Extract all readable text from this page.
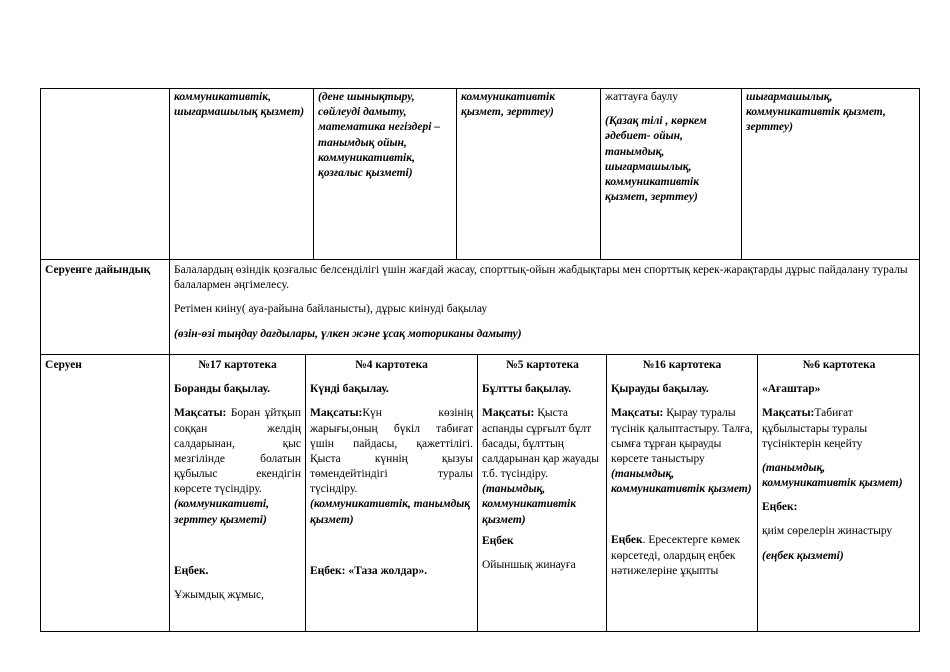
коммуникативтік, шығармашылық қызмет)

(дене шынықтыру, сөйлеуді дамыту, математика негіздері – танымдық ойын, коммуникативтік, қозғалыс қызметі)

коммуникативтік қызмет, зерттеу)

жаттауға баулу

(Қазақ тілі , көркем әдебиет- ойын, танымдық, шығармашылық, коммуникативтік қызмет, зерттеу)

шығармашылық, коммуникативтік қызмет, зерттеу)

Серуенге дайындық	Балалардың өзіндік қозғалыс белсенділігі үшін жағдай жасау, спорттық-ойын жабдықтары мен спорттық керек-жарақтарды дұрыс пайдалану туралы балалармен әңгімелесу.

Ретімен киіну( ауа-райына байланысты), дұрыс киінуді бақылау

(өзін-өзі тыңдау дағдылары, үлкен және ұсақ моториканы дамыту)

Серуен	№17 картотека

Боранды бақылау.

Мақсаты: Боран ұйтқып соққан желдің салдарынан, қыс мезгілінде болатын құбылыс екендігін көрсете түсіндіру.

(коммуникативті, зерттеу қызметі)

Еңбек.

Ұжымдық жұмыс,

№4 картотека

Күнді бақылау.

Мақсаты:Күн көзінің жарығы,оның бүкіл табиғат үшін пайдасы, қажеттілігі. Қыста күннің қызуы төмендейтіндігі туралы түсіндіру.

(коммуникативтік, танымдық қызмет)

Еңбек: «Таза жолдар».

№5 картотека

Бұлтты бақылау.

Мақсаты: Қыста аспанды сұрғылт бұлт басады, бұлттың салдарынан қар жауады т.б. түсіндіру.

(танымдық, коммуникативтік қызмет)

Еңбек

Ойыншық жинауға

№16 картотека

Қырауды бақылау.

Мақсаты: Қырау туралы түсінік қалыптастыру. Талға, сымға тұрған қырауды көрсете таныстыру (танымдық, коммуникативтік қызмет)

Еңбек. Ересектерге көмек көрсетеді, олардың еңбек нәтижелеріне ұқыпты

№6 картотека

«Ағаштар»

Мақсаты:Табиғат құбылыстары туралы түсініктерін кеңейту

(танымдық, коммуникативтік қызмет)

Еңбек:

қиім сөрелерін жинастыру

(еңбек қызметі)
